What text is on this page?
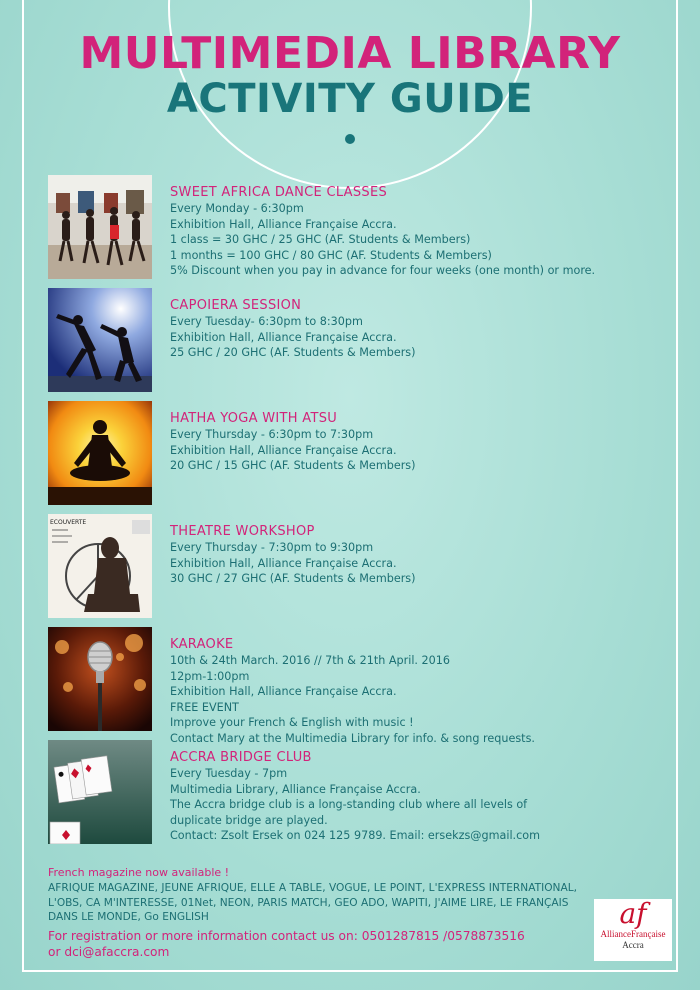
MULTIMEDIA LIBRARY
ACTIVITY GUIDE
SWEET AFRICA DANCE CLASSES
Every Monday - 6:30pm
Exhibition Hall, Alliance Française Accra.
1 class = 30 GHC / 25 GHC (AF. Students & Members)
1 months = 100 GHC / 80 GHC (AF. Students & Members)
5% Discount when you pay in advance for four weeks (one month) or more.
CAPOIERA SESSION
Every Tuesday- 6:30pm to 8:30pm
Exhibition Hall, Alliance Française Accra.
25 GHC / 20 GHC (AF. Students & Members)
HATHA YOGA WITH ATSU
Every Thursday - 6:30pm to 7:30pm
Exhibition Hall, Alliance Française Accra.
20 GHC / 15 GHC (AF. Students & Members)
ECOUVERTE
THEATRE WORKSHOP
Every Thursday - 7:30pm to 9:30pm
Exhibition Hall, Alliance Française Accra.
30 GHC / 27 GHC (AF. Students & Members)
KARAOKE
10th & 24th March. 2016 // 7th & 21th April. 2016
12pm-1:00pm
Exhibition Hall, Alliance Française Accra.
FREE EVENT
Improve your French & English with music !
Contact Mary at the Multimedia Library for info. & song requests.
ACCRA BRIDGE CLUB
Every Tuesday - 7pm
Multimedia Library, Alliance Française Accra.
The Accra bridge club is a long-standing club where all levels of
duplicate bridge are played.
Contact: Zsolt Ersek on 024 125 9789. Email: ersekzs@gmail.com
French magazine now available !
AFRIQUE MAGAZINE, JEUNE AFRIQUE, ELLE A TABLE, VOGUE, LE POINT, L'EXPRESS INTERNATIONAL, L'OBS, CA M'INTERESSE, 01Net, NEON, PARIS MATCH, GEO ADO, WAPITI, J'AIME LIRE, LE FRANÇAIS DANS LE MONDE, Go ENGLISH
For registration or more information contact us on: 0501287815 /0578873516
or dci@afaccra.com
af
AllianceFrançaise
Accra
